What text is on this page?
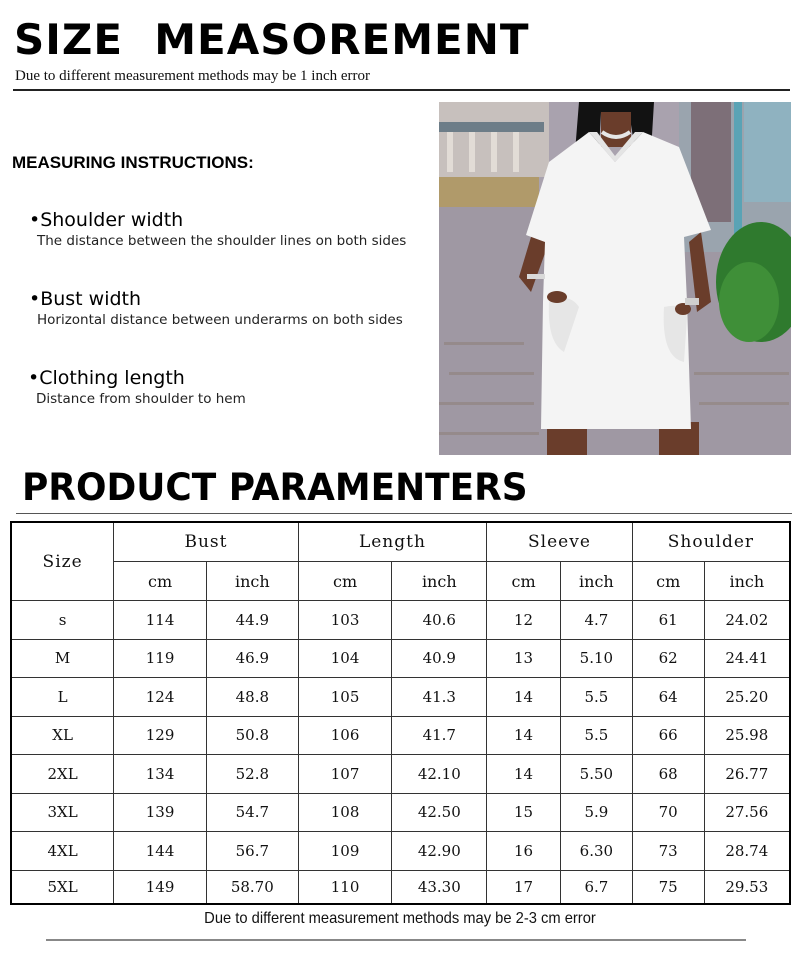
SIZE  MEASOREMENT
Due to different measurement methods may be 1 inch error
MEASURING INSTRUCTIONS:
•Shoulder width
The distance between the shoulder lines on both sides
•Bust width
Horizontal distance between underarms on both sides
•Clothing length
Distance from shoulder to hem
PRODUCT PARAMENTERS
Size	Bust		Length		Sleeve		Shoulder	
	cm	inch	cm	inch	cm	inch	cm	inch
s	114	44.9	103	40.6	12	4.7	61	24.02
M	119	46.9	104	40.9	13	5.10	62	24.41
L	124	48.8	105	41.3	14	5.5	64	25.20
XL	129	50.8	106	41.7	14	5.5	66	25.98
2XL	134	52.8	107	42.10	14	5.50	68	26.77
3XL	139	54.7	108	42.50	15	5.9	70	27.56
4XL	144	56.7	109	42.90	16	6.30	73	28.74
5XL	149	58.70	110	43.30	17	6.7	75	29.53
Due to different measurement methods may be 2-3 cm error
